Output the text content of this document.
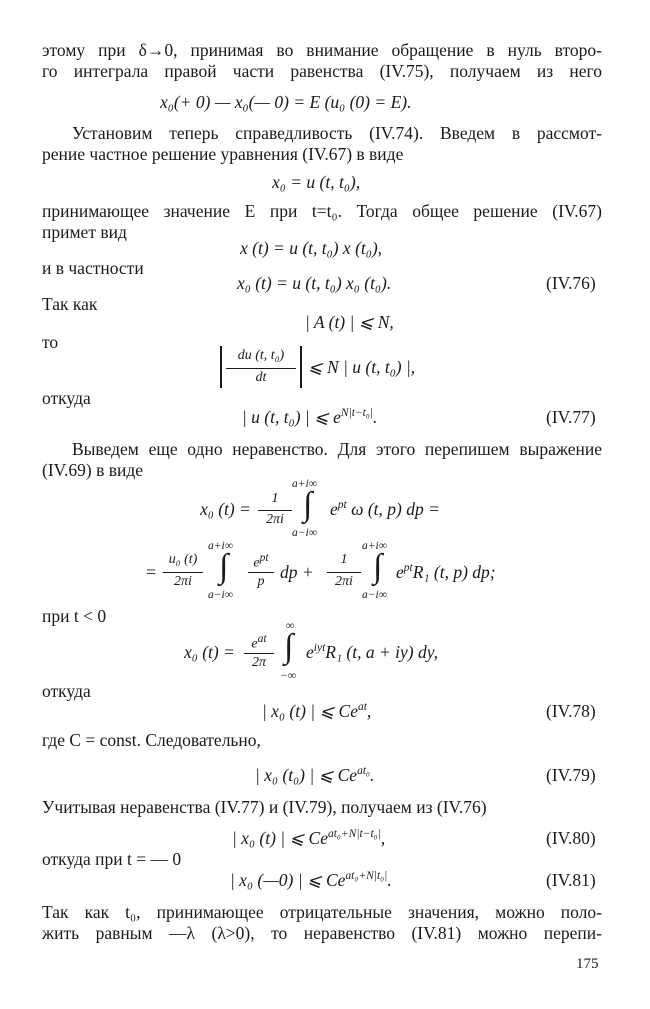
этому при δ→0, принимая во внимание обращение в нуль второ-
го интеграла правой части равенства (IV.75), получаем из него
x₀(+ 0) — x₀(— 0) = E (u₀ (0) = E).
Установим теперь справедливость (IV.74). Введем в рассмот-
рение частное решение уравнения (IV.67) в виде
x₀ = u (t, t₀),
принимающее значение E при t=t₀. Тогда общее решение (IV.67)
примет вид
x (t) = u (t, t₀) x (t₀),
и в частности
x₀ (t) = u (t, t₀) x₀ (t₀).	(IV.76)
Так как
| A (t) | ⩽ N,
то
du (t, t₀)
dt
⩽ N | u (t, t₀) |,
откуда
| u (t, t₀) | ⩽ $e^{N|t-t_0|}$.	(IV.77)
Выведем еще одно неравенство. Для этого перепишем выражение
(IV.69) в виде
x₀ (t) =
1
2πi
a+i∞
∫
a−i∞
$e^{pt}$ ω (t, p) dp =
=
u₀ (t)
2πi
a+i∞
∫
a−i∞
$e^{pt}$
p dp +
1
2πi
a+i∞
∫
a−i∞
$e^{pt}R_1$ (t, p) dp;
при t < 0
x₀ (t) =	$e^{at}$
2π
∞
∫
−∞
$e^{iyt}R_1$ (t, a + iy) dy,
откуда
| x₀ (t) | ⩽ $Ce^{at}$,	(IV.78)
где C = const. Следовательно,
| x₀ (t₀) | ⩽ $Ce^{at_0}$.	(IV.79)
Учитывая неравенства (IV.77) и (IV.79), получаем из (IV.76)
| x₀ (t) | ⩽ $Ce^{at_0+N|t-t_0|}$,	(IV.80)
откуда при t = — 0
| x₀ (—0) | ⩽ $Ce^{at_0+N|t_0|}$.	(IV.81)
Так как t₀, принимающее отрицательные значения, можно поло-
жить равным —λ (λ>0), то неравенство (IV.81) можно перепи-
175
